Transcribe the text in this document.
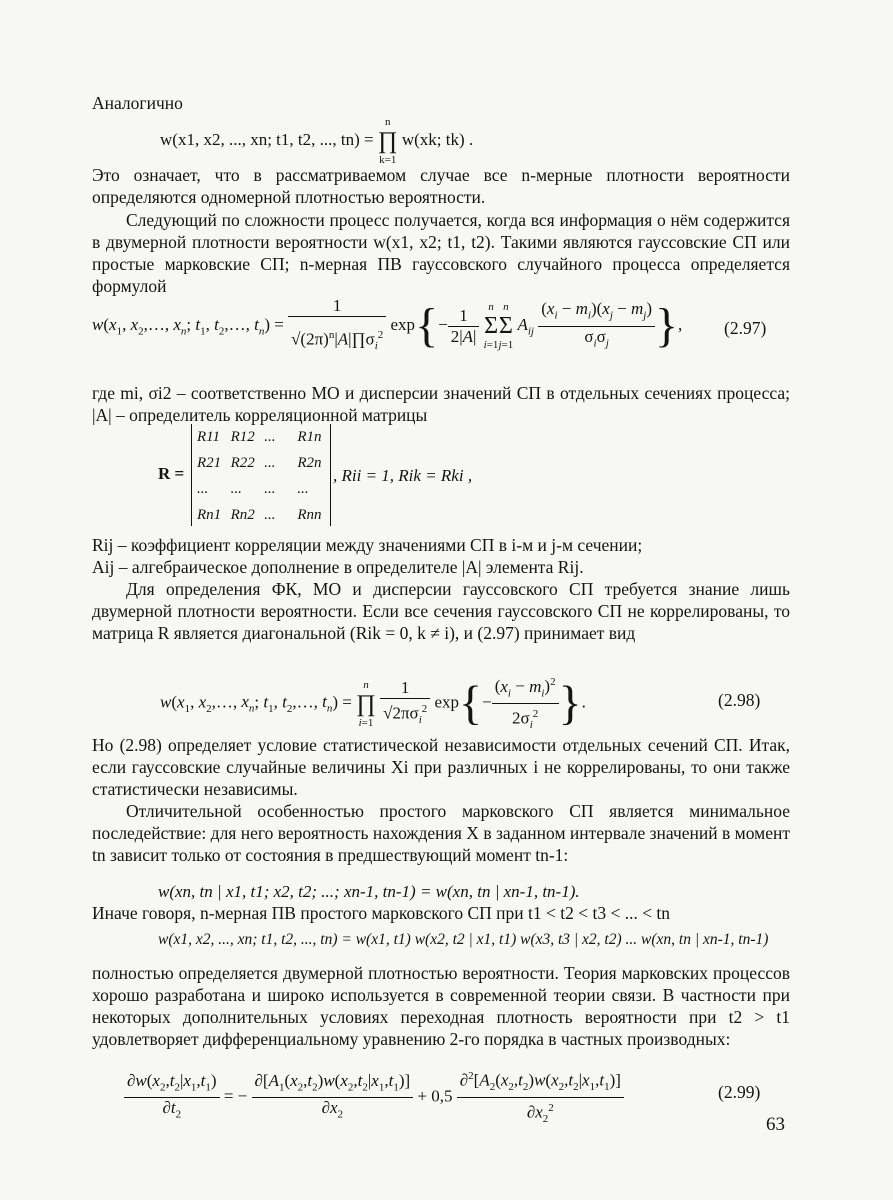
Аналогично

w(x1, x2, ..., xn; t1, t2, ..., tn) = n
∏
k=1 w(xk; tk) .

Это означает, что в рассматриваемом случае все n-мерные плотности вероятности определяются одномерной плотностью вероятности.

Следующий по сложности процесс получается, когда вся информация о нём содержится в двумерной плотности вероятности w(x1, x2; t1, t2). Такими являются гауссовские СП или простые марковские СП; n-мерная ПВ гауссовского случайного процесса определяется формулой

$w(x_1$, $x_2,\dots$, $x_n$; $t_1$, $t_2,\dots$, $t_n) = \frac{1}{√(2\pi)^n|A|\prod\sigma_i^2} \exp\{- \frac{1}{2|A|}$ n
Σ
i=1n
Σ
j=1 $A_{ij} \frac{(x_i - m_i)(x_j - m_j)}{\sigma_i\sigma_j}$ }, (2.97)

где mi, σi2 – соответственно МО и дисперсии значений СП в отдельных сечениях процесса; |A| – определитель корреляционной матрицы

R =
R11	R12	...	R1n
R21	R22	...	R2n
...	...	...	...
Rn1	Rn2	...	Rnn
, Rii = 1, Rik = Rki ,

Rij – коэффициент корреляции между значениями СП в i-м и j-м сечении;

Aij – алгебраическое дополнение в определителе |A| элемента Rij.

Для определения ФК, МО и дисперсии гауссовского СП требуется знание лишь двумерной плотности вероятности. Если все сечения гауссовского СП не коррелированы, то матрица R является диагональной (Rik = 0, k ≠ i), и (2.97) принимает вид

$w(x_1$, $x_2,\dots$, $x_n$; $t_1$, $t_2,\dots$, $t_n) = n$
∏
$i=1 \frac{1}{√2\pi\sigma_i^2} \exp\{- \frac{(x_i - m_i)^2}{2\sigma_i^2}$ }.	(2.98)

Но (2.98) определяет условие статистической независимости отдельных сечений СП. Итак, если гауссовские случайные величины Xi при различных i не коррелированы, то они также статистически независимы.

Отличительной особенностью простого марковского СП является минимальное последействие: для него вероятность нахождения X в заданном интервале значений в момент tn зависит только от состояния в предшествующий момент tn-1:

w(xn, tn | x1, t1; x2, t2; ...; xn-1, tn-1) = w(xn, tn | xn-1, tn-1).

Иначе говоря, n-мерная ПВ простого марковского СП при t1 < t2 < t3 < ... < tn

w(x1, x2, ..., xn; t1, t2, ..., tn) = w(x1, t1) w(x2, t2 | x1, t1) w(x3, t3 | x2, t2) ... w(xn, tn | xn-1, tn-1)

полностью определяется двумерной плотностью вероятности. Теория марковских процессов хорошо разработана и широко используется в современной теории связи. В частности при некоторых дополнительных условиях переходная плотность вероятности при t2 > t1 удовлетворяет дифференциальному уравнению 2-го порядка в частных производных:

$\frac{\partial w(x_2,t_2|x_1,t_1)}{\partial t_2}$ = − $\frac{\partial[A_1(x_2,t_2)w(x_2,t_2|x_1,t_1)]}{\partial x_2} + 0,5 \frac{\partial^2[A_2(x_2,t_2)w(x_2,t_2|x_1,t_1)]}{\partial x_2^2}$	(2.99)
63
